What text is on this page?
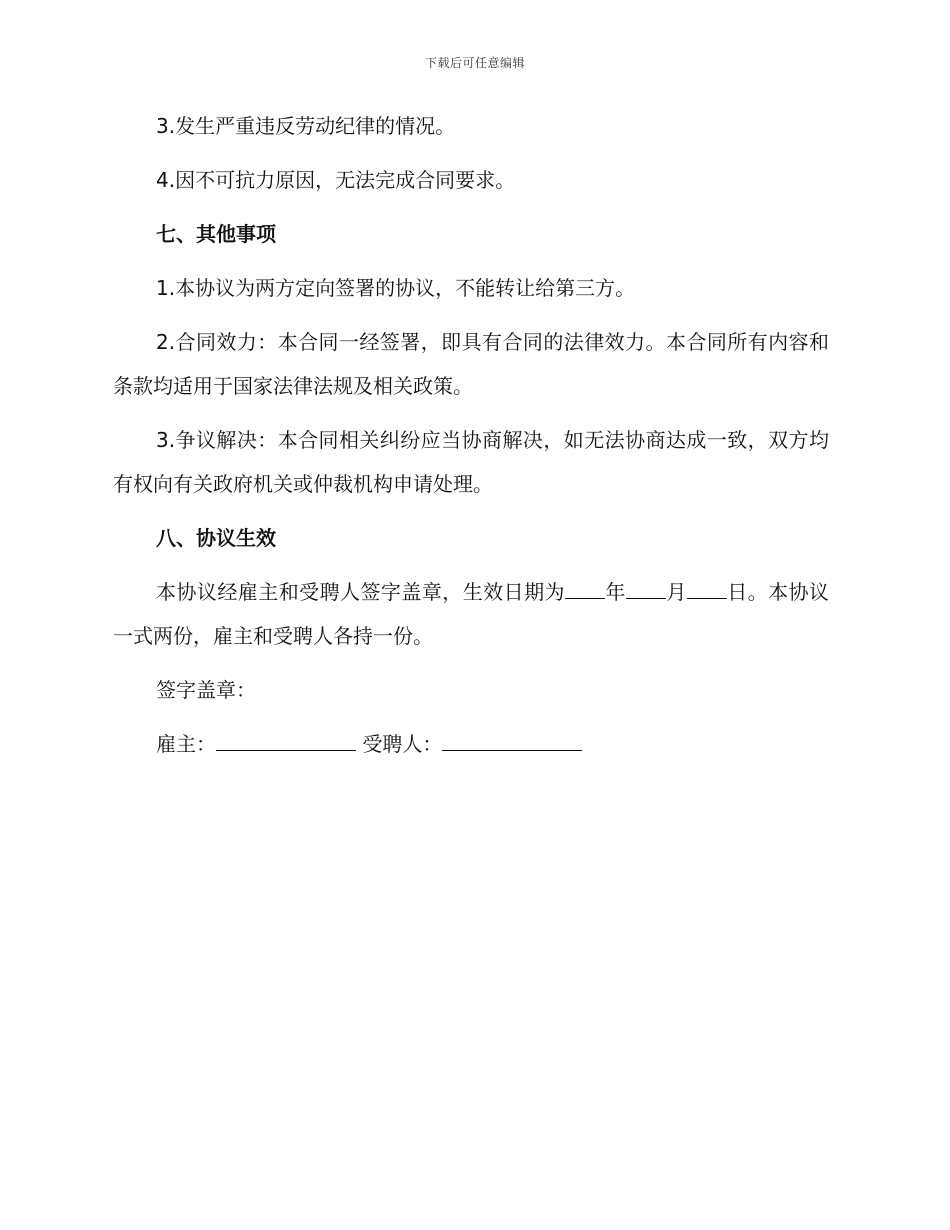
下载后可任意编辑

3.发生严重违反劳动纪律的情况。

4.因不可抗力原因，无法完成合同要求。

七、其他事项

1.本协议为两方定向签署的协议，不能转让给第三方。

2.合同效力：本合同一经签署，即具有合同的法律效力。本合同所有内容和条款均适用于国家法律法规及相关政策。

3.争议解决：本合同相关纠纷应当协商解决，如无法协商达成一致，双方均有权向有关政府机关或仲裁机构申请处理。

八、协议生效

本协议经雇主和受聘人签字盖章，生效日期为 年 月 日。本协议一式两份，雇主和受聘人各持一份。

签字盖章：

雇主：	受聘人：
